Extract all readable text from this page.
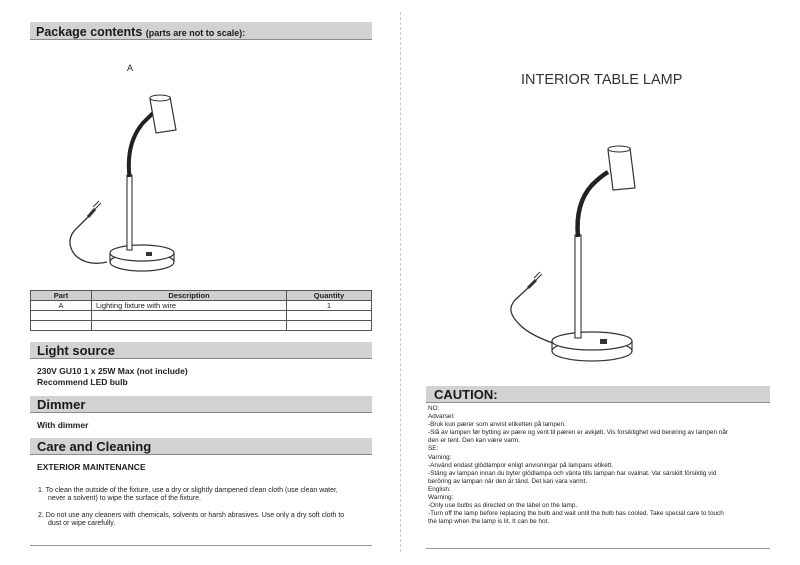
Package contents (parts are not to scale):
A
Part	Description	Quantity
A	Lighting fixture with wire	1

Light source
230V GU10 1 x 25W Max (not include)
Recommend LED bulb
Dimmer
With dimmer
Care and Cleaning
EXTERIOR MAINTENANCE
1. To clean the outside of the fixture, use a dry or slightly dampened clean cloth (use clean water,
never a solvent) to wipe the surface of the fixture.
2. Do not use any cleaners with chemicals, solvents or harsh abrasives. Use only a dry soft cloth to
dust or wipe carefully.
INTERIOR TABLE LAMP
CAUTION:
NO:
Advarsel:
-Bruk kun pærer som anvist etiketten på lampen.
-Slå av lampen før bytting av pære og vent til pæren er avkjølt. Vis forsiktighet ved berøring av lampen når
den er tent. Den kan være varm.
SE:
Varning:
-Använd endast glödlampor enligt anvisningar på lampans etikett.
-Stäng av lampan innan du byter glödlampa och vänta tills lampan har svalnat. Var särskilt försiktig vid
beröring av lampan när den är tänd. Det kan vara varmt.
English:
Warning:
-Only use bulbs as directed on the label on the lamp.
-Turn off the lamp before replacing the bulb and wait until the bulb has cooled. Take special care to touch
the lamp when the lamp is lit. It can be hot.
